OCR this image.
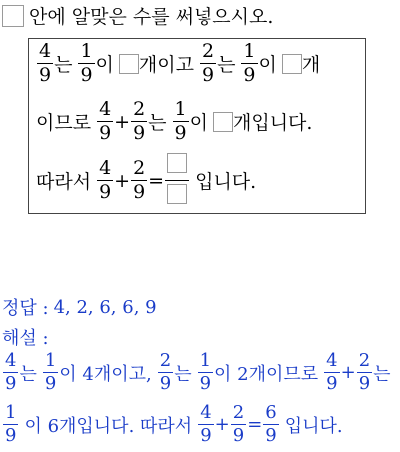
안에 알맞은 수를 써넣으시오.
$\frac{4}{9}$ 는 $\frac{1}{9}$ 이 개이고 $\frac{2}{9}$ 는 $\frac{1}{9}$ 이 개
이므로 $\frac{4}{9} + \frac{2}{9}$ 는 $\frac{1}{9}$ 이 개입니다.
따라서 $\frac{4}{9} + \frac{2}{9}$ = 입니다.
정답 : 4, 2, 6, 6, 9
해설 :
$\frac{4}{9}$ 는 $\frac{1}{9}$ 이 4개이고, $\frac{2}{9}$ 는 $\frac{1}{9}$ 이 2개이므로 $\frac{4}{9} + \frac{2}{9}$ 는
$\frac{1}{9}$ 이 6개입니다. 따라서 $\frac{4}{9} + \frac{2}{9} = \frac{6}{9}$ 입니다.
